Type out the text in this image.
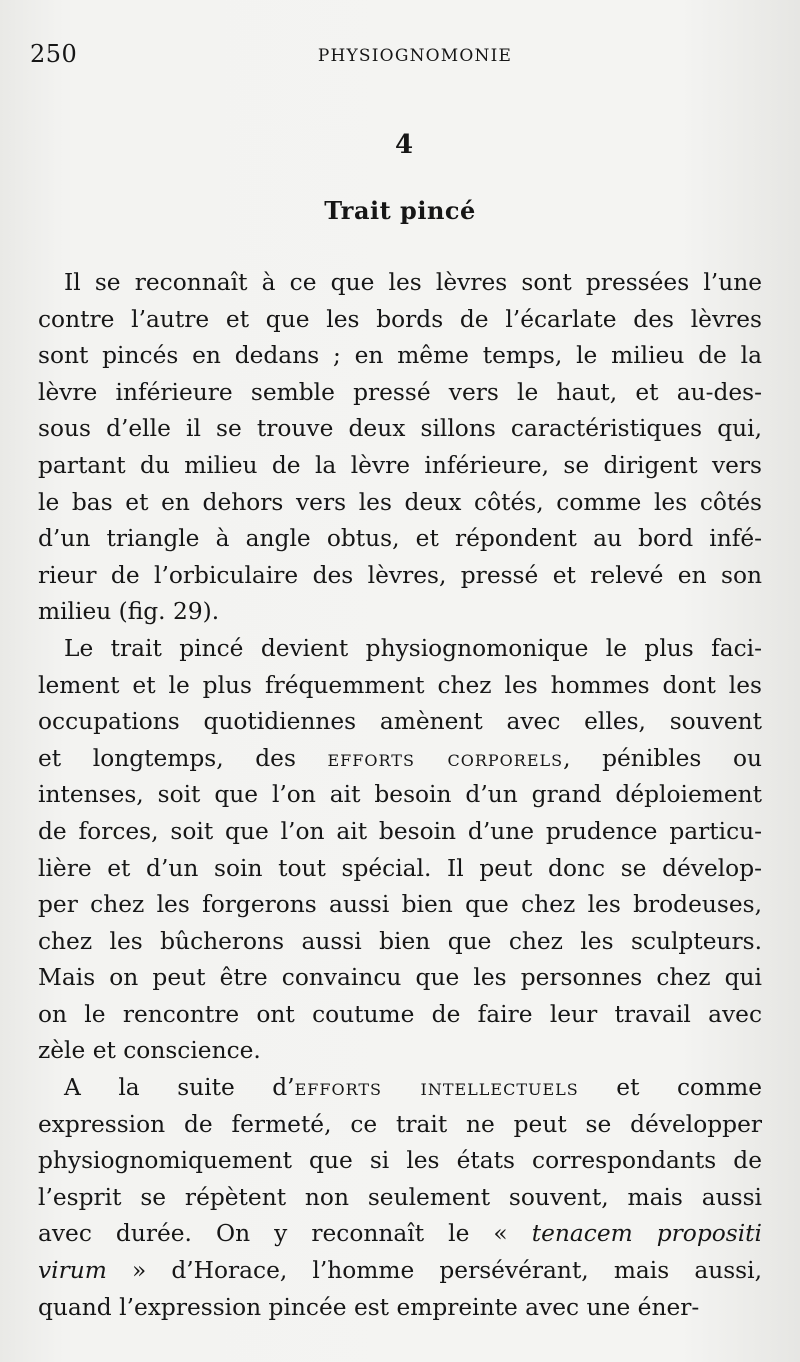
250	PHYSIOGNOMONIE
4
Trait pincé

Il se reconnaît à ce que les lèvres sont pressées l’une
contre l’autre et que les bords de l’écarlate des lèvres
sont pincés en dedans ; en même temps, le milieu de la
lèvre inférieure semble pressé vers le haut, et au-des-
sous d’elle il se trouve deux sillons caractéristiques qui,
partant du milieu de la lèvre inférieure, se dirigent vers
le bas et en dehors vers les deux côtés, comme les côtés
d’un triangle à angle obtus, et répondent au bord infé-
rieur de l’orbiculaire des lèvres, pressé et relevé en son
milieu (fig. 29).

Le trait pincé devient physiognomonique le plus faci-
lement et le plus fréquemment chez les hommes dont les
occupations quotidiennes amènent avec elles, souvent
et longtemps, des efforts corporels, pénibles ou
intenses, soit que l’on ait besoin d’un grand déploiement
de forces, soit que l’on ait besoin d’une prudence particu-
lière et d’un soin tout spécial. Il peut donc se dévelop-
per chez les forgerons aussi bien que chez les brodeuses,
chez les bûcherons aussi bien que chez les sculpteurs.
Mais on peut être convaincu que les personnes chez qui
on le rencontre ont coutume de faire leur travail avec
zèle et conscience.

A la suite d’efforts intellectuels et comme
expression de fermeté, ce trait ne peut se développer
physiognomiquement que si les états correspondants de
l’esprit se répètent non seulement souvent, mais aussi
avec durée. On y reconnaît le « tenacem propositi
virum » d’Horace, l’homme persévérant, mais aussi,
quand l’expression pincée est empreinte avec une éner-
